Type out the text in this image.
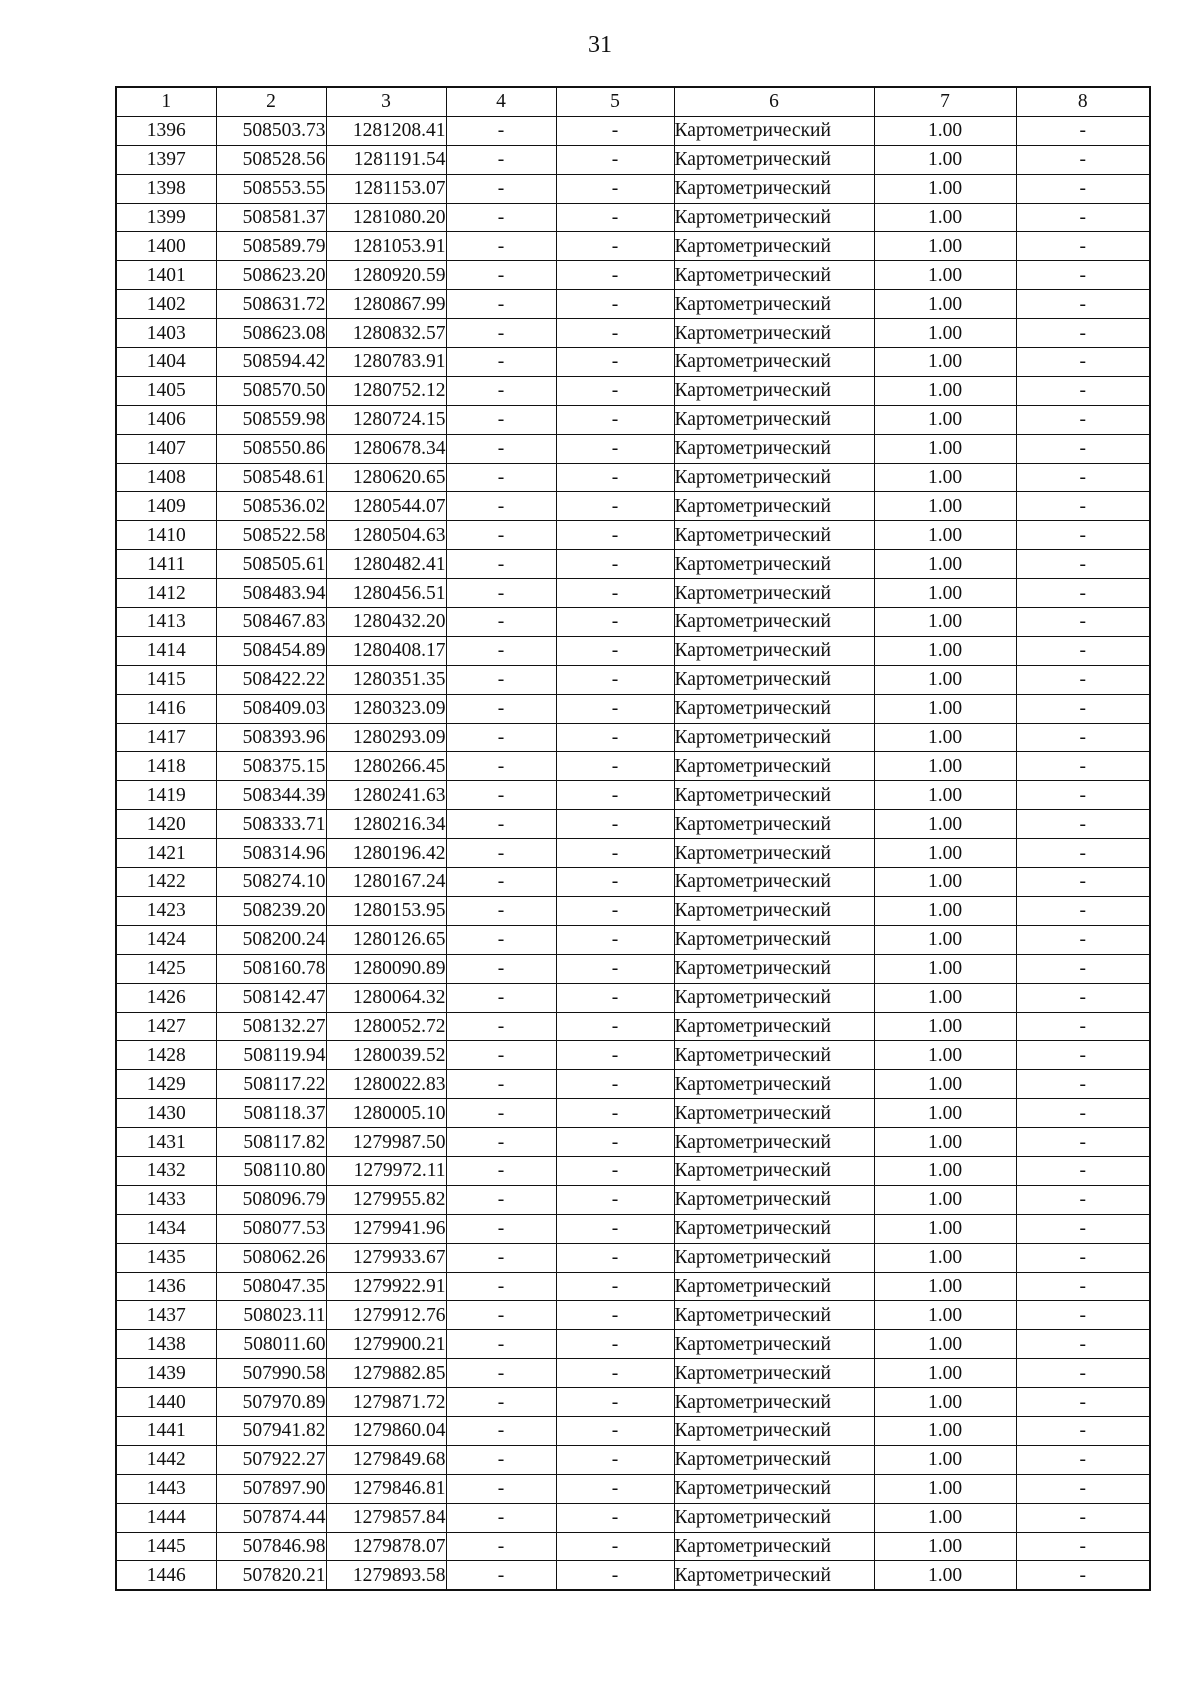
31
1	2	3	4	5	6	7	8
1396	508503.73	1281208.41	-	-	Картометрический	1.00	-
1397	508528.56	1281191.54	-	-	Картометрический	1.00	-
1398	508553.55	1281153.07	-	-	Картометрический	1.00	-
1399	508581.37	1281080.20	-	-	Картометрический	1.00	-
1400	508589.79	1281053.91	-	-	Картометрический	1.00	-
1401	508623.20	1280920.59	-	-	Картометрический	1.00	-
1402	508631.72	1280867.99	-	-	Картометрический	1.00	-
1403	508623.08	1280832.57	-	-	Картометрический	1.00	-
1404	508594.42	1280783.91	-	-	Картометрический	1.00	-
1405	508570.50	1280752.12	-	-	Картометрический	1.00	-
1406	508559.98	1280724.15	-	-	Картометрический	1.00	-
1407	508550.86	1280678.34	-	-	Картометрический	1.00	-
1408	508548.61	1280620.65	-	-	Картометрический	1.00	-
1409	508536.02	1280544.07	-	-	Картометрический	1.00	-
1410	508522.58	1280504.63	-	-	Картометрический	1.00	-
1411	508505.61	1280482.41	-	-	Картометрический	1.00	-
1412	508483.94	1280456.51	-	-	Картометрический	1.00	-
1413	508467.83	1280432.20	-	-	Картометрический	1.00	-
1414	508454.89	1280408.17	-	-	Картометрический	1.00	-
1415	508422.22	1280351.35	-	-	Картометрический	1.00	-
1416	508409.03	1280323.09	-	-	Картометрический	1.00	-
1417	508393.96	1280293.09	-	-	Картометрический	1.00	-
1418	508375.15	1280266.45	-	-	Картометрический	1.00	-
1419	508344.39	1280241.63	-	-	Картометрический	1.00	-
1420	508333.71	1280216.34	-	-	Картометрический	1.00	-
1421	508314.96	1280196.42	-	-	Картометрический	1.00	-
1422	508274.10	1280167.24	-	-	Картометрический	1.00	-
1423	508239.20	1280153.95	-	-	Картометрический	1.00	-
1424	508200.24	1280126.65	-	-	Картометрический	1.00	-
1425	508160.78	1280090.89	-	-	Картометрический	1.00	-
1426	508142.47	1280064.32	-	-	Картометрический	1.00	-
1427	508132.27	1280052.72	-	-	Картометрический	1.00	-
1428	508119.94	1280039.52	-	-	Картометрический	1.00	-
1429	508117.22	1280022.83	-	-	Картометрический	1.00	-
1430	508118.37	1280005.10	-	-	Картометрический	1.00	-
1431	508117.82	1279987.50	-	-	Картометрический	1.00	-
1432	508110.80	1279972.11	-	-	Картометрический	1.00	-
1433	508096.79	1279955.82	-	-	Картометрический	1.00	-
1434	508077.53	1279941.96	-	-	Картометрический	1.00	-
1435	508062.26	1279933.67	-	-	Картометрический	1.00	-
1436	508047.35	1279922.91	-	-	Картометрический	1.00	-
1437	508023.11	1279912.76	-	-	Картометрический	1.00	-
1438	508011.60	1279900.21	-	-	Картометрический	1.00	-
1439	507990.58	1279882.85	-	-	Картометрический	1.00	-
1440	507970.89	1279871.72	-	-	Картометрический	1.00	-
1441	507941.82	1279860.04	-	-	Картометрический	1.00	-
1442	507922.27	1279849.68	-	-	Картометрический	1.00	-
1443	507897.90	1279846.81	-	-	Картометрический	1.00	-
1444	507874.44	1279857.84	-	-	Картометрический	1.00	-
1445	507846.98	1279878.07	-	-	Картометрический	1.00	-
1446	507820.21	1279893.58	-	-	Картометрический	1.00	-
